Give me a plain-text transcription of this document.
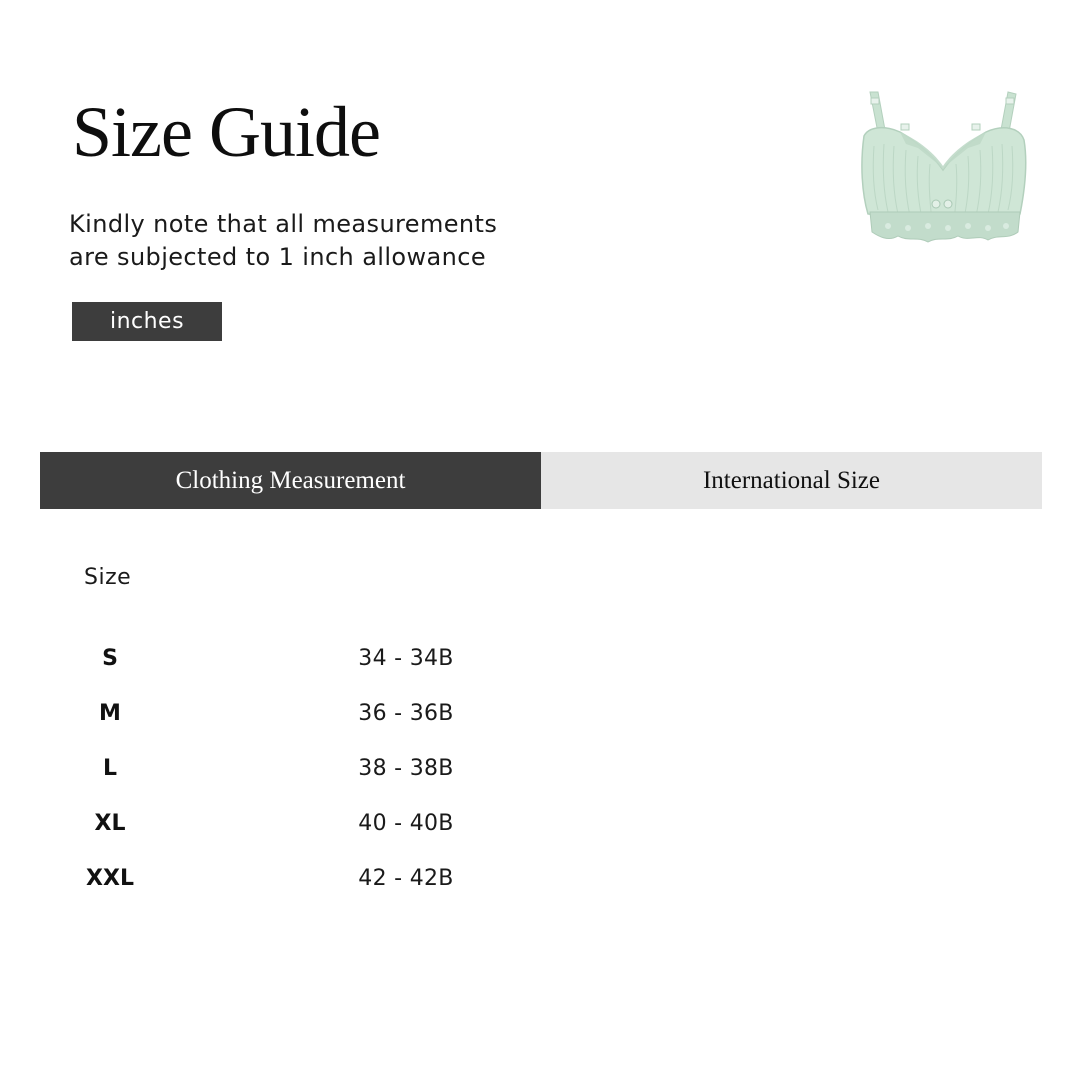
Size Guide
Kindly note that all measurements
are subjected to 1 inch allowance
inches
Clothing Measurement	International Size
Size
S	34 - 34B
M	36 - 36B
L	38 - 38B
XL	40 - 40B
XXL	42 - 42B
